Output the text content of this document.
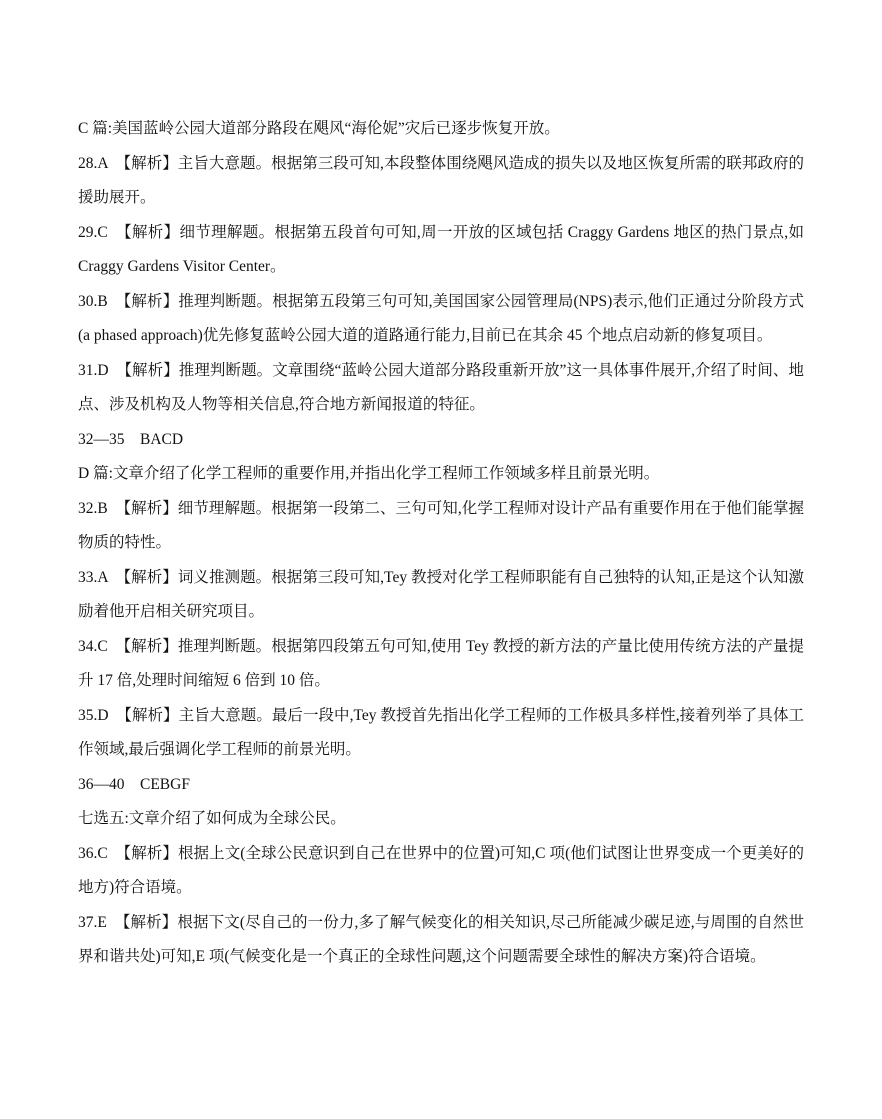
C 篇:美国蓝岭公园大道部分路段在飓风“海伦妮”灾后已逐步恢复开放。

28.A　【解析】主旨大意题。根据第三段可知,本段整体围绕飓风造成的损失以及地区恢复所需的联邦政府的援助展开。

29.C　【解析】细节理解题。根据第五段首句可知,周一开放的区域包括 Craggy Gardens 地区的热门景点,如 Craggy Gardens Visitor Center。

30.B　【解析】推理判断题。根据第五段第三句可知,美国国家公园管理局(NPS)表示,他们正通过分阶段方式(a phased approach)优先修复蓝岭公园大道的道路通行能力,目前已在其余 45 个地点启动新的修复项目。

31.D　【解析】推理判断题。文章围绕“蓝岭公园大道部分路段重新开放”这一具体事件展开,介绍了时间、地点、涉及机构及人物等相关信息,符合地方新闻报道的特征。

32—35　BACD

D 篇:文章介绍了化学工程师的重要作用,并指出化学工程师工作领域多样且前景光明。

32.B　【解析】细节理解题。根据第一段第二、三句可知,化学工程师对设计产品有重要作用在于他们能掌握物质的特性。

33.A　【解析】词义推测题。根据第三段可知,Tey 教授对化学工程师职能有自己独特的认知,正是这个认知激励着他开启相关研究项目。

34.C　【解析】推理判断题。根据第四段第五句可知,使用 Tey 教授的新方法的产量比使用传统方法的产量提升 17 倍,处理时间缩短 6 倍到 10 倍。

35.D　【解析】主旨大意题。最后一段中,Tey 教授首先指出化学工程师的工作极具多样性,接着列举了具体工作领域,最后强调化学工程师的前景光明。

36—40　CEBGF

七选五:文章介绍了如何成为全球公民。

36.C　【解析】根据上文(全球公民意识到自己在世界中的位置)可知,C 项(他们试图让世界变成一个更美好的地方)符合语境。

37.E　【解析】根据下文(尽自己的一份力,多了解气候变化的相关知识,尽己所能减少碳足迹,与周围的自然世界和谐共处)可知,E 项(气候变化是一个真正的全球性问题,这个问题需要全球性的解决方案)符合语境。
